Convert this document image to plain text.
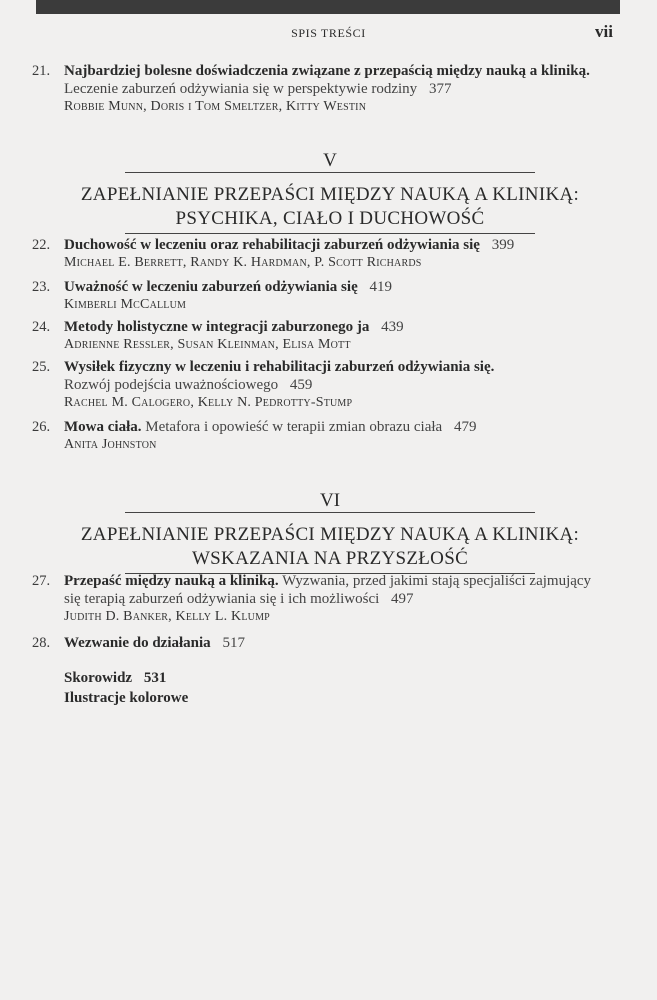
SPIS TREŚCI	vii
21. Najbardziej bolesne doświadczenia związane z przepaścią między nauką a kliniką. Leczenie zaburzeń odżywiania się w perspektywie rodziny 377
Robbie Munn, Doris i Tom Smeltzer, Kitty Westin
V
ZAPEŁNIANIE PRZEPAŚCI MIĘDZY NAUKĄ A KLINIKĄ:
PSYCHIKA, CIAŁO I DUCHOWOŚĆ
22. Duchowość w leczeniu oraz rehabilitacji zaburzeń odżywiania się 399
Michael E. Berrett, Randy K. Hardman, P. Scott Richards
23. Uważność w leczeniu zaburzeń odżywiania się 419
Kimberli McCallum
24. Metody holistyczne w integracji zaburzonego ja 439
Adrienne Ressler, Susan Kleinman, Elisa Mott
25. Wysiłek fizyczny w leczeniu i rehabilitacji zaburzeń odżywiania się.
Rozwój podejścia uważnościowego 459
Rachel M. Calogero, Kelly N. Pedrotty-Stump
26. Mowa ciała. Metafora i opowieść w terapii zmian obrazu ciała 479
Anita Johnston
VI
ZAPEŁNIANIE PRZEPAŚCI MIĘDZY NAUKĄ A KLINIKĄ:
WSKAZANIA NA PRZYSZŁOŚĆ
27. Przepaść między nauką a kliniką. Wyzwania, przed jakimi stają specjaliści zajmujący się terapią zaburzeń odżywiania się i ich możliwości 497
Judith D. Banker, Kelly L. Klump
28. Wezwanie do działania 517
Skorowidz 531
Ilustracje kolorowe
